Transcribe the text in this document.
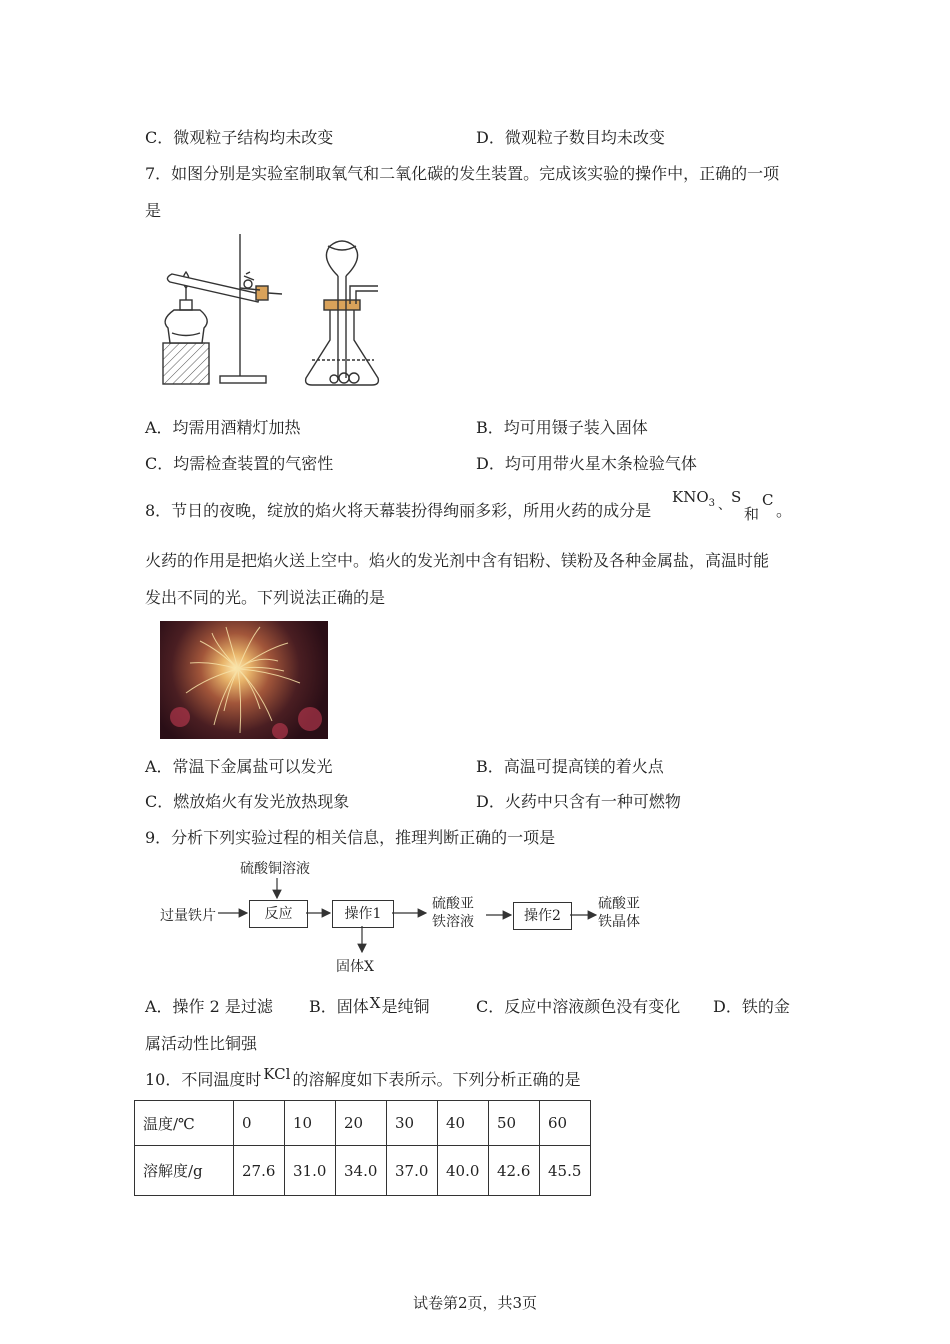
C．微观粒子结构均未改变	D．微观粒子数目均未改变
7．如图分别是实验室制取氧气和二氧化碳的发生装置。完成该实验的操作中，正确的一项
是
A．均需用酒精灯加热	B．均可用镊子装入固体
C．均需检查装置的气密性	D．均可用带火星木条检验气体
8．节日的夜晚，绽放的焰火将天幕装扮得绚丽多彩，所用火药的成分是
$KNO_3$ 、 S
和
C
。
火药的作用是把焰火送上空中。焰火的发光剂中含有铝粉、镁粉及各种金属盐，高温时能
发出不同的光。下列说法正确的是
A．常温下金属盐可以发光	B．高温可提高镁的着火点
C．燃放焰火有发光放热现象	D．火药中只含有一种可燃物
9．分析下列实验过程的相关信息，推理判断正确的一项是
硫酸铜溶液
过量铁片	反应	操作1
硫酸亚
铁溶液	操作2
硫酸亚
铁晶体
固体X
A．操作 2 是过滤 B．固体X是纯铜	C．反应中溶液颜色没有变化 D．铁的金
属活动性比铜强
10．不同温度时 KCl 的溶解度如下表所示。下列分析正确的是
温度/℃	0	10	20	30	40	50	60
溶解度/g	27.6	31.0	34.0	37.0	40.0	42.6	45.5
试卷第2页，共3页
